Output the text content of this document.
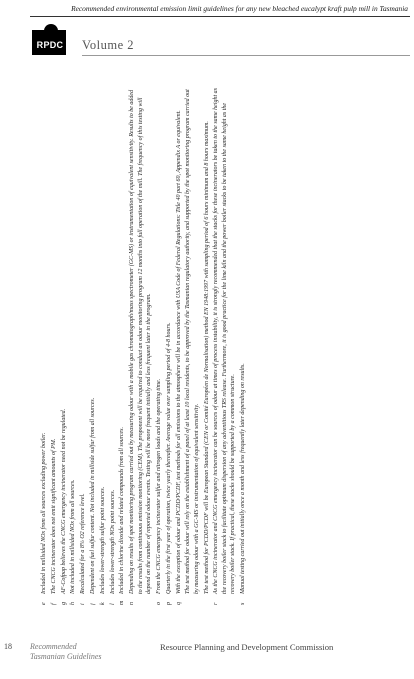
Recommended environmental emission limit guidelines for any new bleached eucalypt kraft pulp mill in Tasmania
RPDC Volume 2
e
Included in millsided NOx from all sources excluding power boiler.
f
The CNCG incinerator does not emit significant amounts of PM.
g
AF-Cofpap believes the CNCG emergency incinerator need not be regulated.
h
Not included in millsided NOx from all sources.
i
Recalculated for a 8% O2 reference level.
j
Dependent on fuel sulfur content. Not included in millside sulfur from all sources.
k
Includes lower-strength sulfur point sources.
l
Includes lower-strength NOx point sources.
m
Included in chlorine dioxide and related compounds from all sources.
n
Depending on results of spot monitoring program carried out by measuring odour with a mobile gas chromatograph/mass spectrometer (GC-MS) or instrumentation of equivalent sensitivity. Results to be added to the results from continuous emission monitoring (CEM). The proponent will be required to conduct an odour monitoring program 12 months into full operation of the mill. The frequency of this testing will depend on the number of reported odour events. Testing will be more frequent initially and less frequent later in the program.
o
From the CNCG emergency incinerator sulfur and nitrogen loads and the operating time.
p
Quarterly in the first year of operation, twice yearly thereafter. Average value over sampling period of 4-8 hours.
q
With the exception of odour and PCDD/PCDF, test methods for all emissions to the atmosphere will be in accordance with USA Code of Federal Regulations: Title 40 part 60, Appendix A or equivalent. The test method for odour will rely on the establishment of a panel of at least 10 local residents, to be approved by the Tasmanian regulatory authority, and supported by the spot monitoring program carried out by measuring odour with a GC-MS or instrumentation of equivalent sensitivity. The test method for PCDD/PCDF will be European Standard (CEN or Comité Européen de Normalisation) method EN 1948:1997 with sampling period of 6 hours minimum and 8 hours maximum.
r
As the CNCG incinerator and CNCG emergency incinerator can be sources of odour at times of process instability, it is strongly recommended that the stacks for these incinerators be taken to the same height as the recovery boiler stack to facilitate optimum dispersion of any adventitious TRS release. Furthermore, it is good practice for the lime kiln and the power boiler stacks to be taken to the same height as the recovery boiler stack. If practical, these stacks should be supported by a common structure.
s
Manual testing carried out initially once a month and less frequently later depending on results.
18 Recommended
Tasmanian Guidelines
Resource Planning and Development Commission
